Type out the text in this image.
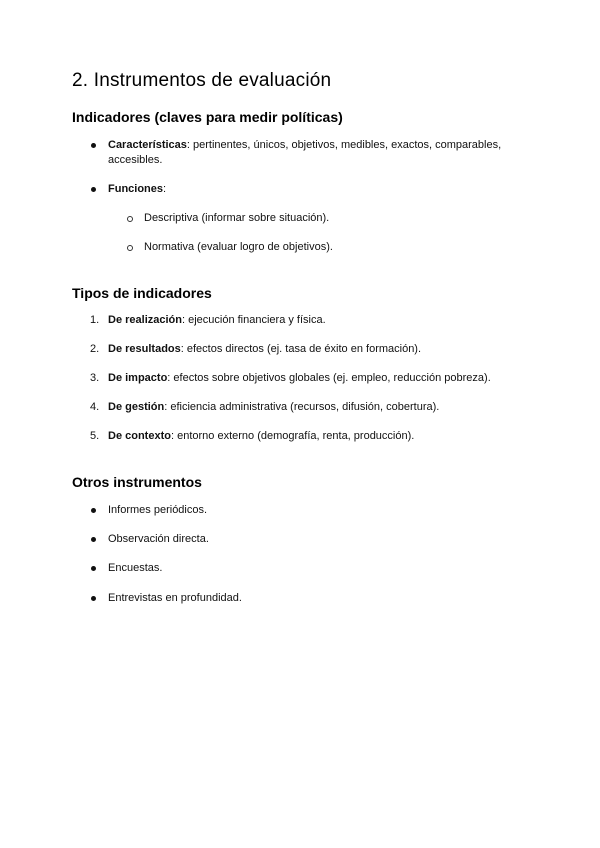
2. Instrumentos de evaluación
Indicadores (claves para medir políticas)
Características: pertinentes, únicos, objetivos, medibles, exactos, comparables,
accesibles.
Funciones:
Descriptiva (informar sobre situación).
Normativa (evaluar logro de objetivos).
Tipos de indicadores
1. De realización: ejecución financiera y física.
2. De resultados: efectos directos (ej. tasa de éxito en formación).
3. De impacto: efectos sobre objetivos globales (ej. empleo, reducción pobreza).
4. De gestión: eficiencia administrativa (recursos, difusión, cobertura).
5. De contexto: entorno externo (demografía, renta, producción).
Otros instrumentos
Informes periódicos.
Observación directa.
Encuestas.
Entrevistas en profundidad.
